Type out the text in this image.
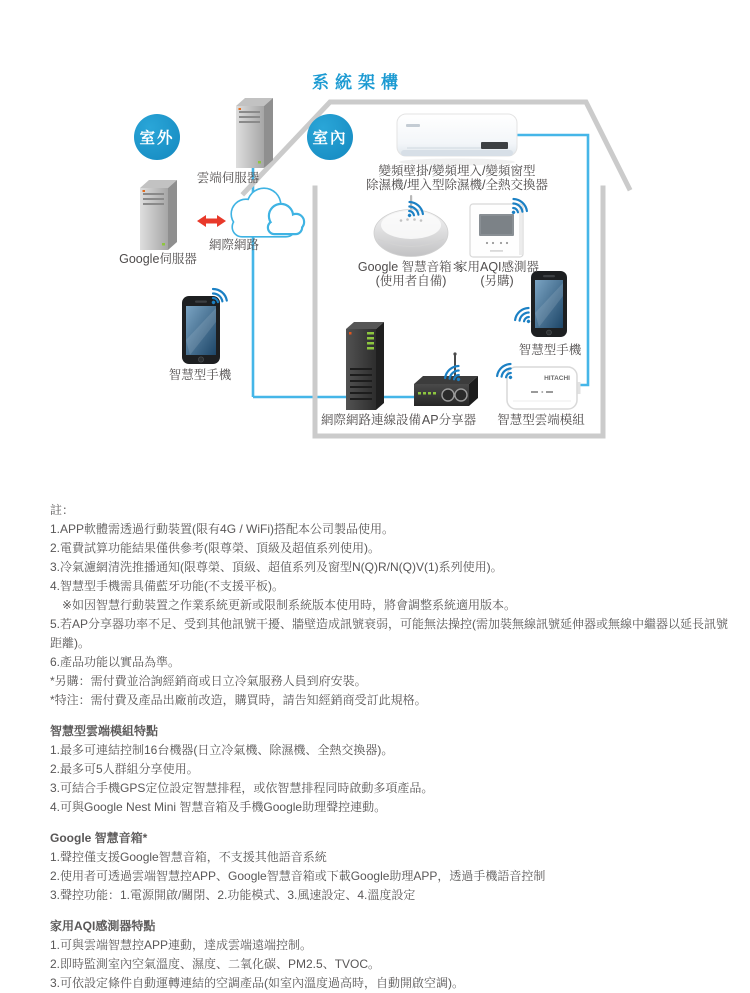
系統架構
HITACHI
室外	室內
雲端伺服器
網際網路
Google伺服器
智慧型手機
變頻壁掛/變頻埋入/變頻窗型
除濕機/埋入型除濕機/全熱交換器
Google 智慧音箱＊
(使用者自備)
家用AQI感測器
(另購)
智慧型手機
網際網路連線設備 AP分享器 智慧型雲端模組
註：
1.APP軟體需透過行動裝置(限有4G / WiFi)搭配本公司製品使用。
2.電費試算功能結果僅供參考(限尊榮、頂級及超值系列使用)。
3.冷氣濾網清洗推播通知(限尊榮、頂級、超值系列及窗型N(Q)R/N(Q)V(1)系列使用)。
4.智慧型手機需具備藍牙功能(不支援平板)。
※如因智慧行動裝置之作業系統更新或限制系統版本使用時，將會調整系統適用版本。
5.若AP分享器功率不足、受到其他訊號干擾、牆壁造成訊號衰弱，可能無法操控(需加裝無線訊號延伸器或無線中繼器以延長訊號距離)。
6.產品功能以實品為準。
*另購：需付費並洽詢經銷商或日立冷氣服務人員到府安裝。
*特注：需付費及產品出廠前改造，購買時，請告知經銷商受訂此規格。
智慧型雲端模組特點
1.最多可連結控制16台機器(日立冷氣機、除濕機、全熱交換器)。
2.最多可5人群組分享使用。
3.可結合手機GPS定位設定智慧排程，或依智慧排程同時啟動多項產品。
4.可與Google Nest Mini 智慧音箱及手機Google助理聲控連動。
Google 智慧音箱*
1.聲控僅支援Google智慧音箱，不支援其他語音系統
2.使用者可透過雲端智慧控APP、Google智慧音箱或下載Google助理APP，透過手機語音控制
3.聲控功能：1.電源開啟/關閉、2.功能模式、3.風速設定、4.溫度設定
家用AQI感測器特點
1.可與雲端智慧控APP連動，達成雲端遠端控制。
2.即時監測室內空氣溫度、濕度、二氧化碳、PM2.5、TVOC。
3.可依設定條件自動運轉連結的空調產品(如室內溫度過高時，自動開啟空調)。
